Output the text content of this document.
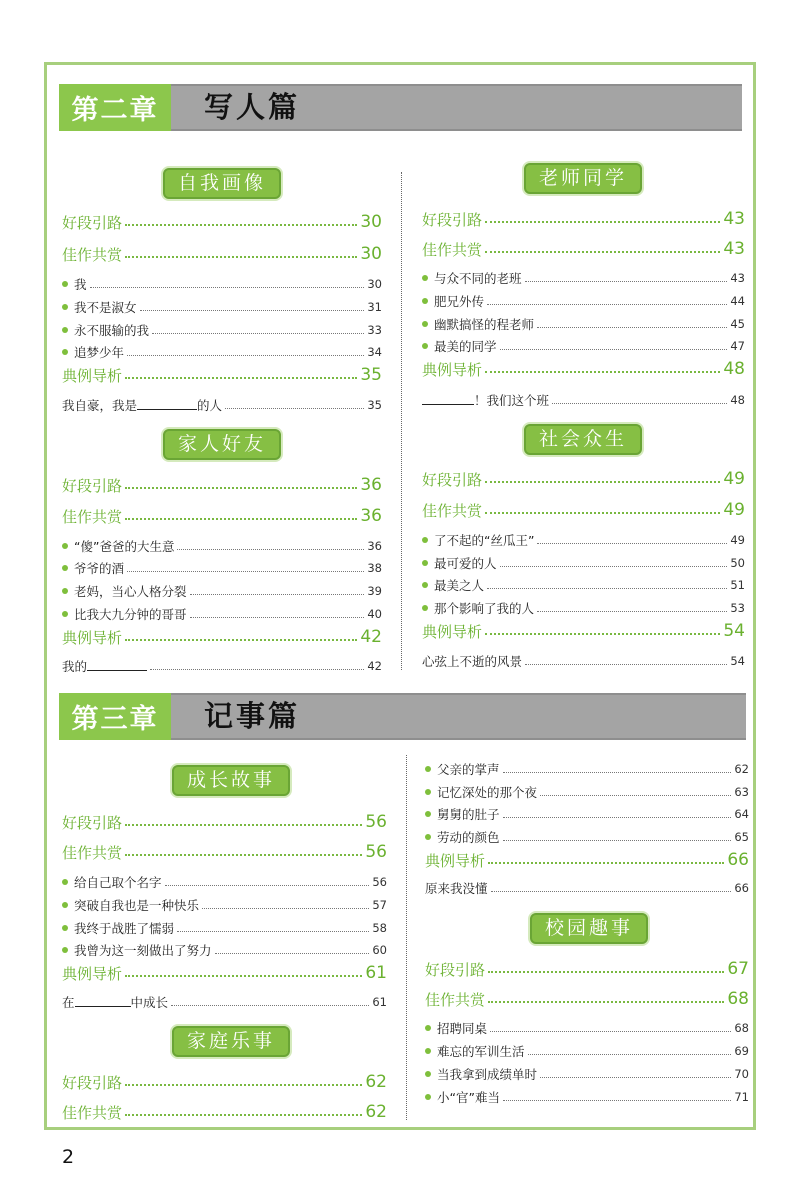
第二章	写人篇
自我画像
好段引路	30
佳作共赏	30
我	30
我不是淑女	31
永不服输的我	33
追梦少年	34
典例导析	35
我自豪，我是	的人	35
家人好友
好段引路	36
佳作共赏	36
“傻”爸爸的大生意	36
爷爷的酒	38
老妈，当心人格分裂	39
比我大九分钟的哥哥	40
典例导析	42
我的	42
老师同学
好段引路	43
佳作共赏	43
与众不同的老班	43
肥兄外传	44
幽默搞怪的程老师	45
最美的同学	47
典例导析	48
！我们这个班	48
社会众生
好段引路	49
佳作共赏	49
了不起的“丝瓜王”	49
最可爱的人	50
最美之人	51
那个影响了我的人	53
典例导析	54
心弦上不逝的风景	54
第三章	记事篇
成长故事
好段引路	56
佳作共赏	56
给自己取个名字	56
突破自我也是一种快乐	57
我终于战胜了懦弱	58
我曾为这一刻做出了努力	60
典例导析	61
在	中成长	61
家庭乐事
好段引路	62
佳作共赏	62
父亲的掌声	62
记忆深处的那个夜	63
舅舅的肚子	64
劳动的颜色	65
典例导析	66
原来我没懂	66
校园趣事
好段引路	67
佳作共赏	68
招聘同桌	68
难忘的军训生活	69
当我拿到成绩单时	70
小“官”难当	71
2
